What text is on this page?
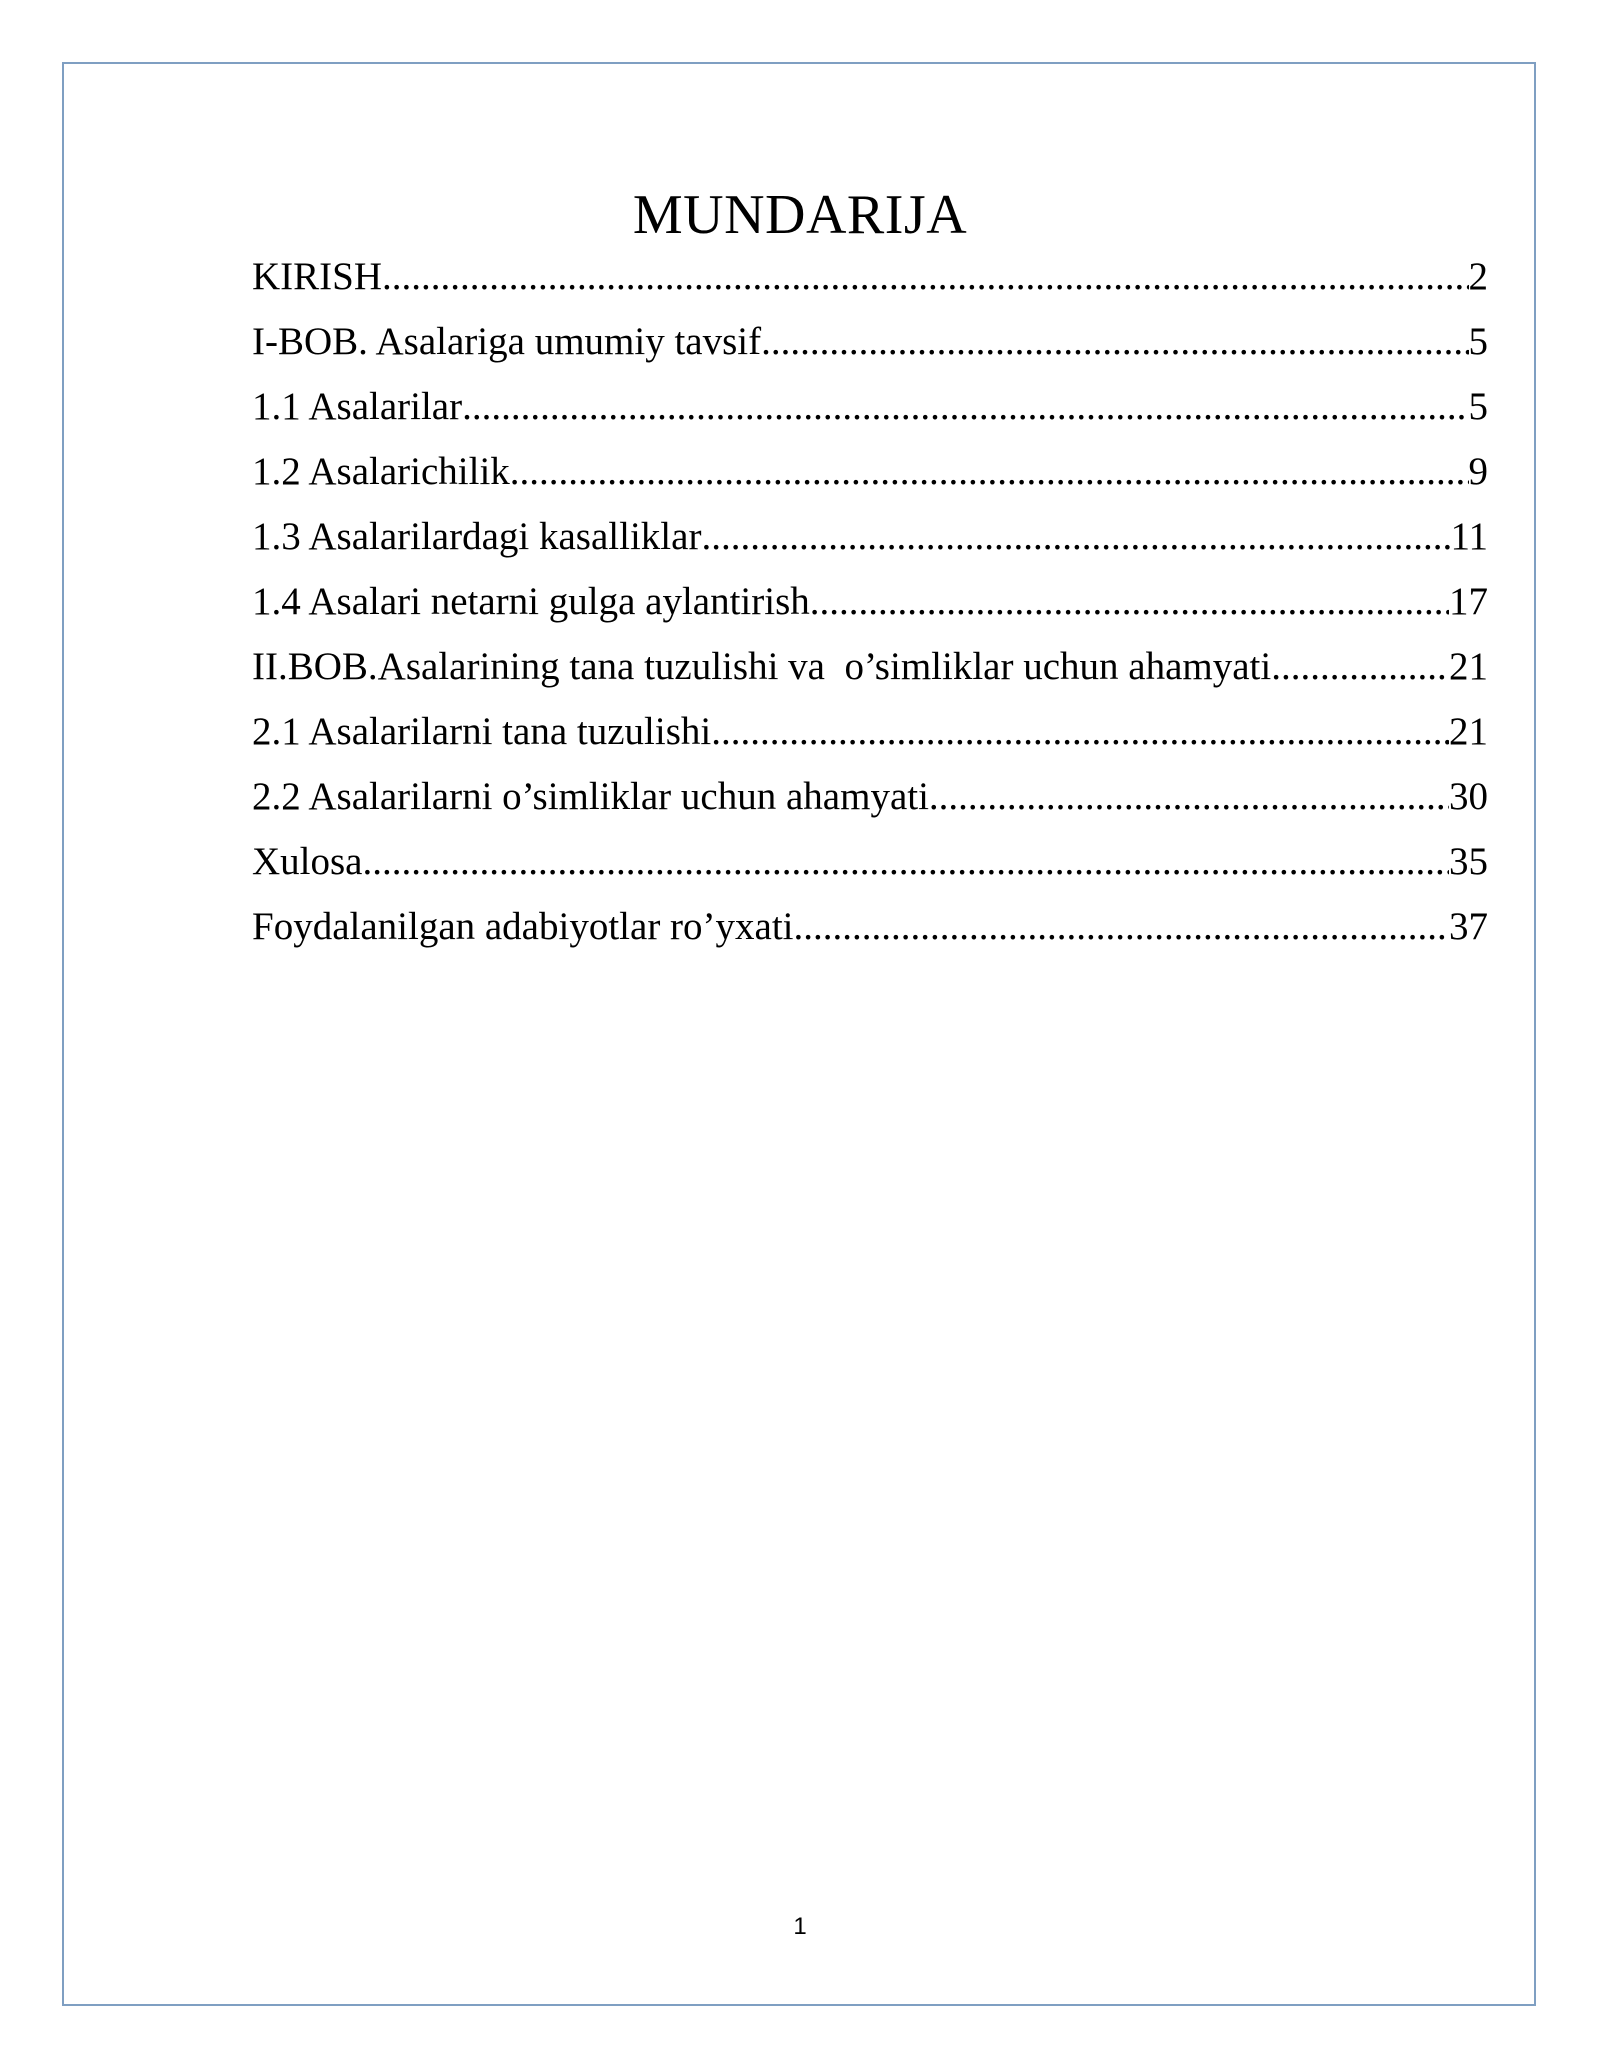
MUNDARIJA
KIRISH .....	2
I-BOB. Asalariga umumiy tavsif .....	5
1.1 Asalarilar .....	5
1.2 Asalarichilik .....	9
1.3 Asalarilardagi kasalliklar .....	11
1.4 Asalari netarni gulga aylantirish .....	17
II.BOB.Asalarining tana tuzulishi va  o’simliklar uchun ahamyati .....	21
2.1 Asalarilarni tana tuzulishi .....	21
2.2 Asalarilarni o’simliklar uchun ahamyati .....	30
Xulosa .....	35
Foydalanilgan adabiyotlar ro’yxati .....	37
1
